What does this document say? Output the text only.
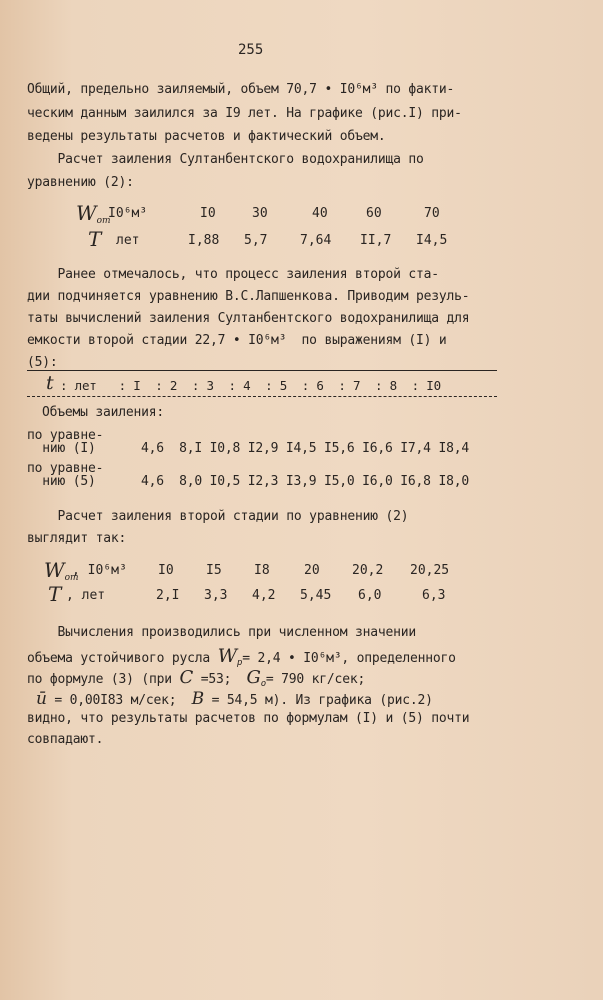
255
Общий, предельно заиляемый, объем 70,7 • I0⁶м³ по факти-
ческим данным заилился за I9 лет. На графике (рис.I) при-
ведены результаты расчетов и фактический объем.
Расчет заиления Султанбентского водохранилища по
уравнению (2):
$W_{от}$
I0⁶м³	I0	30	40	60	70
T лет	I,88 5,7	7,64 II,7 I4,5
Ранее отмечалось, что процесс заиления второй ста-
дии подчиняется уравнению В.С.Лапшенкова. Приводим резуль-
таты вычислений заиления Султанбентского водохранилища для
емкости второй стадии 22,7 • I0⁶м³  по выражениям (I) и
(5):
t : лет   : I  : 2  : 3  : 4  : 5  : 6  : 7  : 8  : I0
Объемы заиления:
по уравне-
нию (I)	4,6  8,I I0,8 I2,9 I4,5 I5,6 I6,6 I7,4 I8,4
по уравне-
нию (5)	4,6  8,0 I0,5 I2,3 I3,9 I5,0 I6,0 I6,8 I8,0
Расчет заиления второй стадии по уравнению (2)
выглядит так:
$W_{от}$
, I0⁶м³ I0 I5 I8	20 20,2 20,25
T , лет	2,I 3,3 4,2 5,45 6,0	6,3
Вычисления производились при численном значении
объема устойчивого русла $W_р= 2,4$ • I0⁶м³, определенного
по формуле (3) (при C =53;  $G_о= 790$ кг/сек;
ū = 0,00I83 м/сек;  B = 54,5 м). Из графика (рис.2)
видно, что результаты расчетов по формулам (I) и (5) почти
совпадают.
